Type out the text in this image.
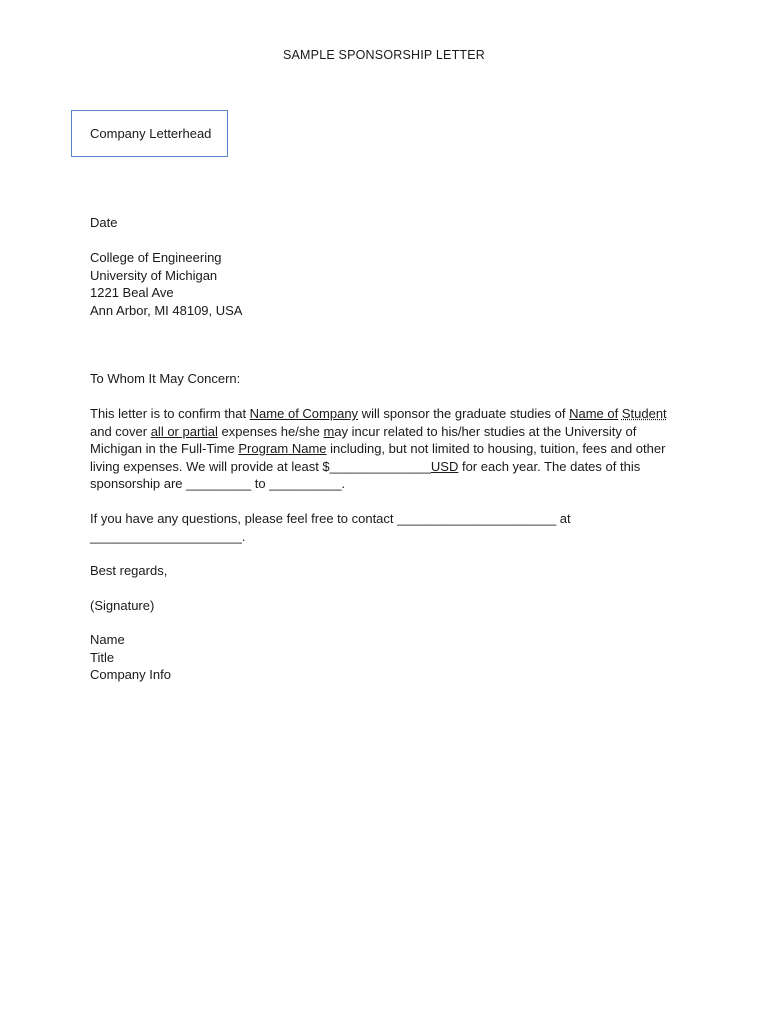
SAMPLE SPONSORSHIP LETTER
Company Letterhead
Date
College of Engineering
University of Michigan
1221 Beal Ave
Ann Arbor, MI 48109, USA
To Whom It May Concern:
This letter is to confirm that Name of Company will sponsor the graduate studies of Name of Student
and cover all or partial expenses he/she may incur related to his/her studies at the University of
Michigan in the Full-Time Program Name including, but not limited to housing, tuition, fees and other
living expenses. We will provide at least $______________USD for each year. The dates of this
sponsorship are _________ to __________.
If you have any questions, please feel free to contact ______________________ at
_____________________.
Best regards,
(Signature)
Name
Title
Company Info
